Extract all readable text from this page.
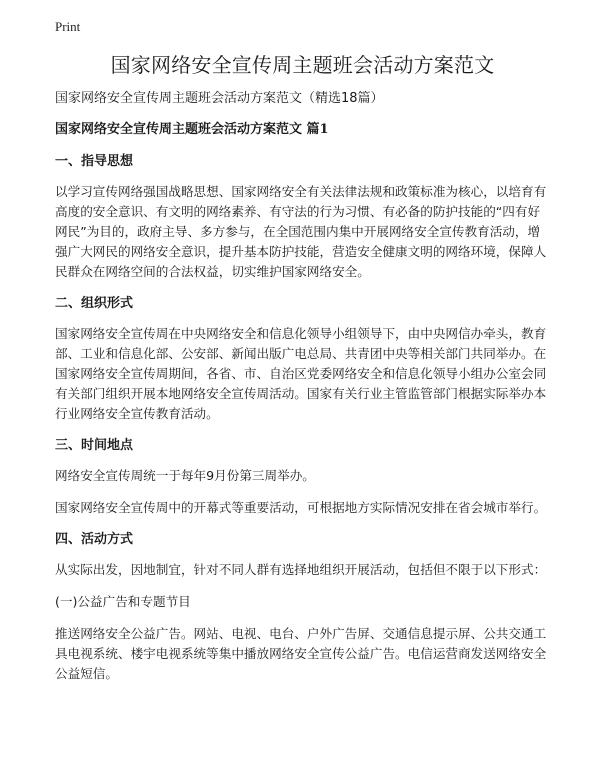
Print
国家网络安全宣传周主题班会活动方案范文

国家网络安全宣传周主题班会活动方案范文（精选18篇）

国家网络安全宣传周主题班会活动方案范文 篇1

一、指导思想

以学习宣传网络强国战略思想、国家网络安全有关法律法规和政策标准为核心，以培育有高度的安全意识、有文明的网络素养、有守法的行为习惯、有必备的防护技能的“四有好网民”为目的，政府主导、多方参与，在全国范围内集中开展网络安全宣传教育活动，增强广大网民的网络安全意识，提升基本防护技能，营造安全健康文明的网络环境，保障人民群众在网络空间的合法权益，切实维护国家网络安全。

二、组织形式

国家网络安全宣传周在中央网络安全和信息化领导小组领导下，由中央网信办牵头，教育部、工业和信息化部、公安部、新闻出版广电总局、共青团中央等相关部门共同举办。在国家网络安全宣传周期间，各省、市、自治区党委网络安全和信息化领导小组办公室会同有关部门组织开展本地网络安全宣传周活动。国家有关行业主管监管部门根据实际举办本行业网络安全宣传教育活动。

三、时间地点

网络安全宣传周统一于每年9月份第三周举办。

国家网络安全宣传周中的开幕式等重要活动，可根据地方实际情况安排在省会城市举行。

四、活动方式

从实际出发，因地制宜，针对不同人群有选择地组织开展活动，包括但不限于以下形式：

(一)公益广告和专题节目

推送网络安全公益广告。网站、电视、电台、户外广告屏、交通信息提示屏、公共交通工具电视系统、楼宇电视系统等集中播放网络安全宣传公益广告。电信运营商发送网络安全公益短信。
